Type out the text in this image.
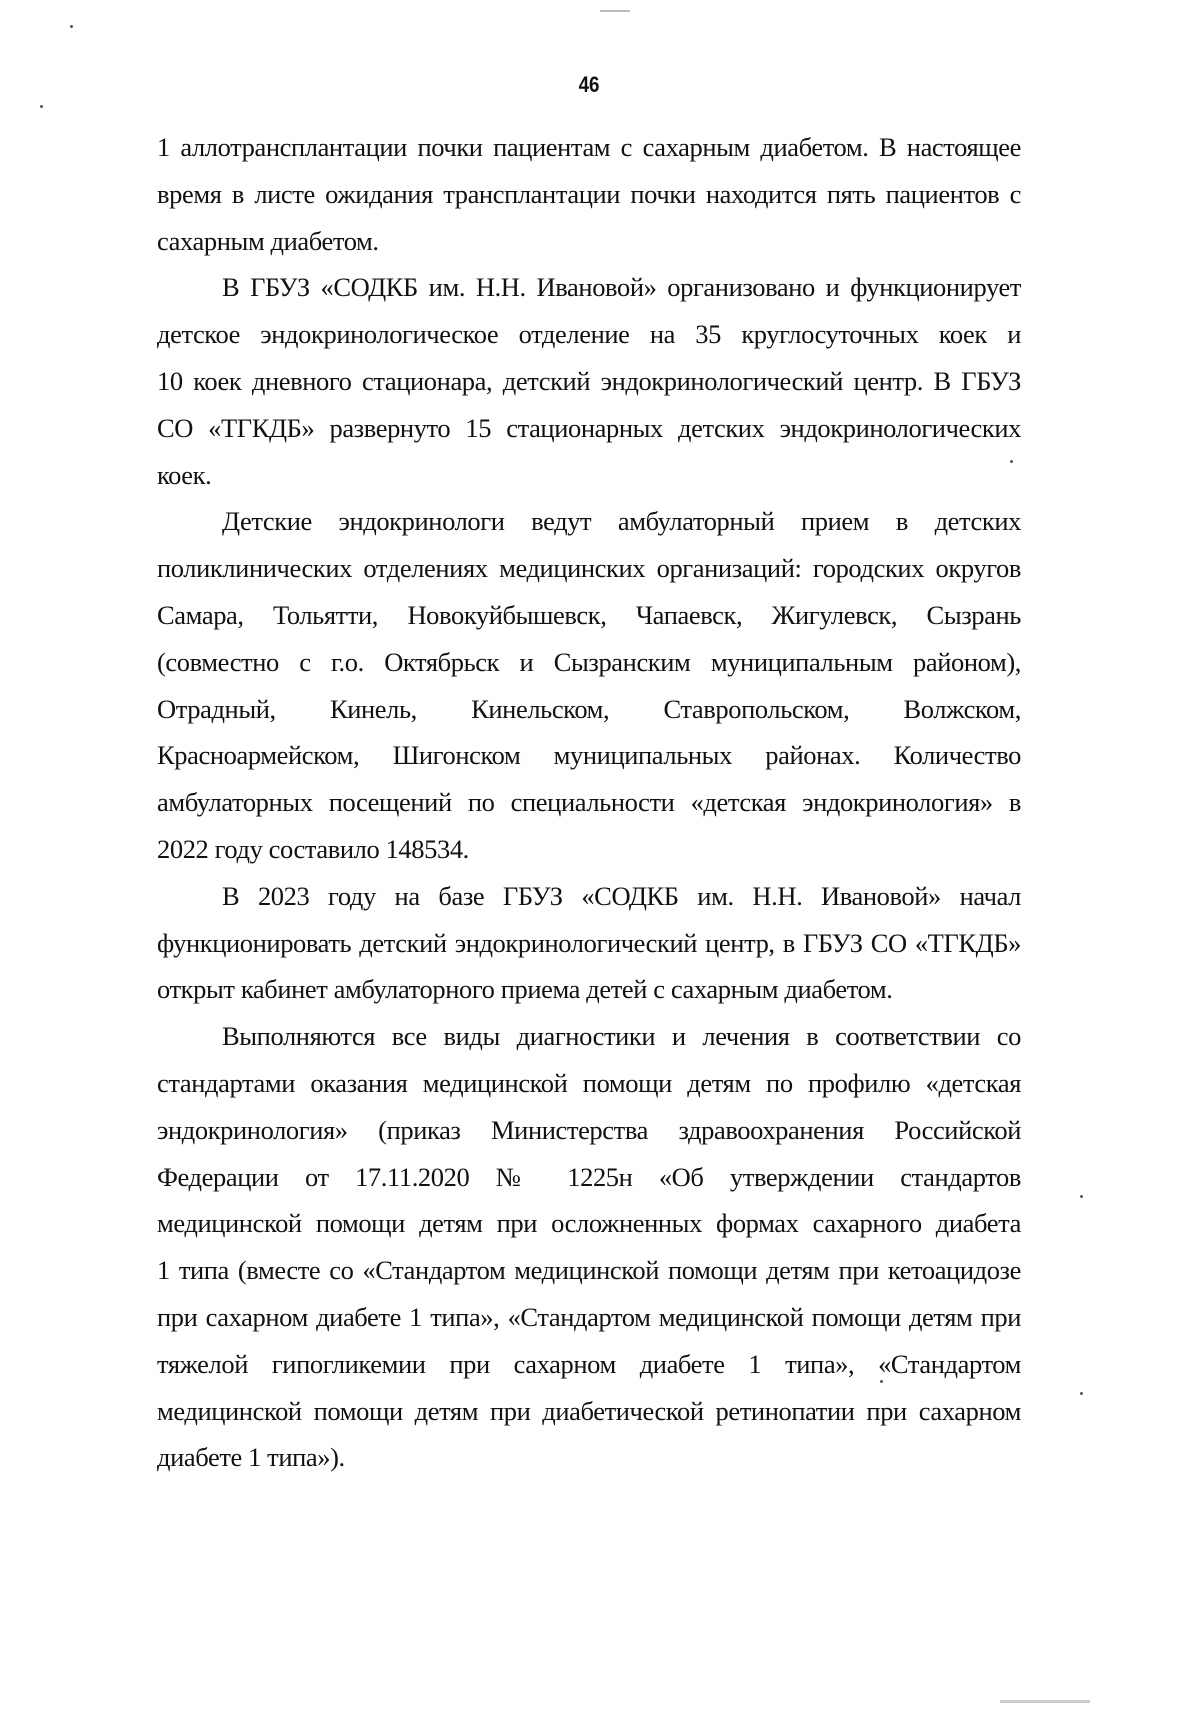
46
1 аллотрансплантации почки пациентам с сахарным диабетом. В настоящее
время в листе ожидания трансплантации почки находится пять пациентов с
сахарным диабетом.
В ГБУЗ «СОДКБ им. Н.Н. Ивановой» организовано и функционирует
детское эндокринологическое отделение на 35 круглосуточных коек и
10 коек дневного стационара, детский эндокринологический центр. В ГБУЗ
СО «ТГКДБ» развернуто 15 стационарных детских эндокринологических
коек.
Детские эндокринологи ведут амбулаторный прием в детских
поликлинических отделениях медицинских организаций: городских округов
Самара, Тольятти, Новокуйбышевск, Чапаевск, Жигулевск, Сызрань
(совместно с г.о. Октябрьск и Сызранским муниципальным районом),
Отрадный, Кинель, Кинельском, Ставропольском, Волжском,
Красноармейском, Шигонском муниципальных районах. Количество
амбулаторных посещений по специальности «детская эндокринология» в
2022 году составило 148534.
В 2023 году на базе ГБУЗ «СОДКБ им. Н.Н. Ивановой» начал
функционировать детский эндокринологический центр, в ГБУЗ СО «ТГКДБ»
открыт кабинет амбулаторного приема детей с сахарным диабетом.
Выполняются все виды диагностики и лечения в соответствии со
стандартами оказания медицинской помощи детям по профилю «детская
эндокринология» (приказ Министерства здравоохранения Российской
Федерации от 17.11.2020 № 1225н «Об утверждении стандартов
медицинской помощи детям при осложненных формах сахарного диабета
1 типа (вместе со «Стандартом медицинской помощи детям при кетоацидозе
при сахарном диабете 1 типа», «Стандартом медицинской помощи детям при
тяжелой гипогликемии при сахарном диабете 1 типа», «Стандартом
медицинской помощи детям при диабетической ретинопатии при сахарном
диабете 1 типа»).
